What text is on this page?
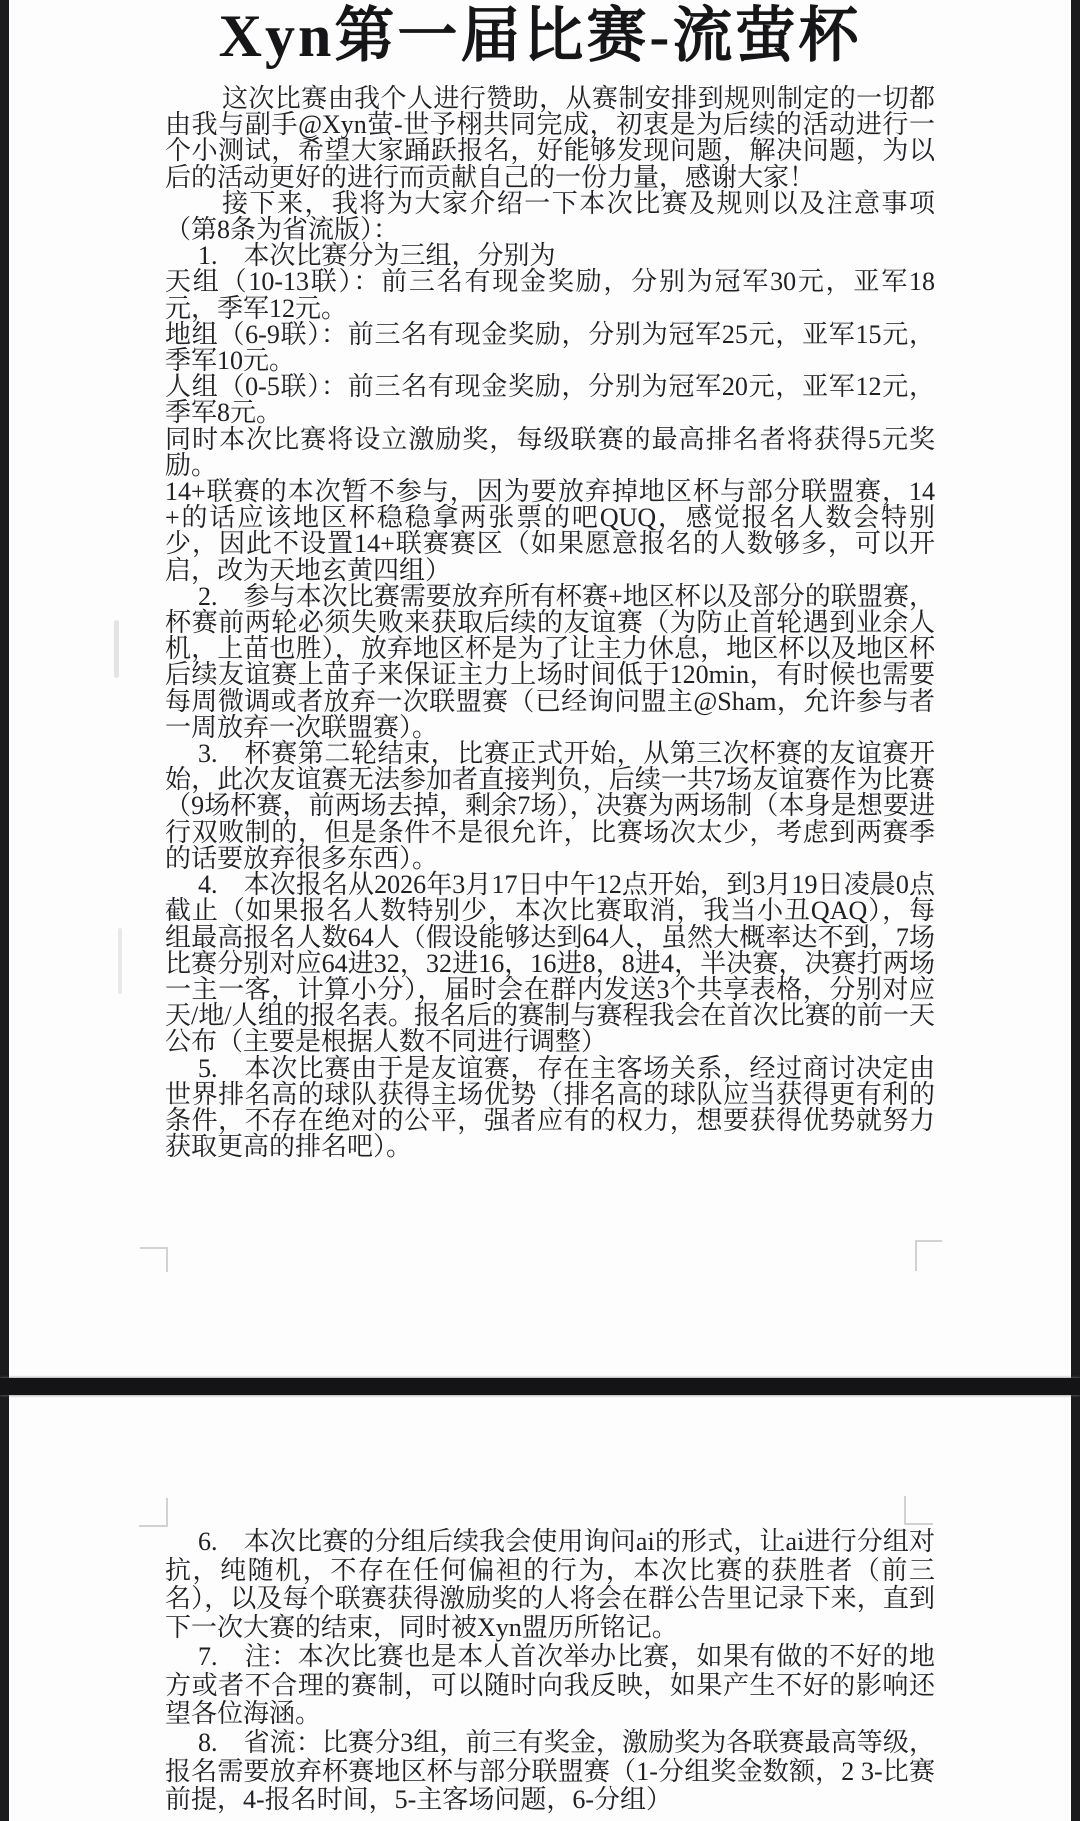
Xyn第一届比赛-流萤杯

这次比赛由我个人进行赞助，从赛制安排到规则制定的一切都由我与副手@Xyn萤-世予栩共同完成，初衷是为后续的活动进行一个小测试，希望大家踊跃报名，好能够发现问题，解决问题，为以后的活动更好的进行而贡献自己的一份力量，感谢大家！

接下来，我将为大家介绍一下本次比赛及规则以及注意事项（第8条为省流版）：

1.　本次比赛分为三组，分别为

天组（10-13联）：前三名有现金奖励，分别为冠军30元，亚军18元，季军12元。

地组（6-9联）：前三名有现金奖励，分别为冠军25元，亚军15元，季军10元。

人组（0-5联）：前三名有现金奖励，分别为冠军20元，亚军12元，季军8元。

同时本次比赛将设立激励奖，每级联赛的最高排名者将获得5元奖励。

14+联赛的本次暂不参与，因为要放弃掉地区杯与部分联盟赛，14+的话应该地区杯稳稳拿两张票的吧QUQ，感觉报名人数会特别少，因此不设置14+联赛赛区（如果愿意报名的人数够多，可以开启，改为天地玄黄四组）

2.　参与本次比赛需要放弃所有杯赛+地区杯以及部分的联盟赛，杯赛前两轮必须失败来获取后续的友谊赛（为防止首轮遇到业余人机，上苗也胜），放弃地区杯是为了让主力休息，地区杯以及地区杯后续友谊赛上苗子来保证主力上场时间低于120min，有时候也需要每周微调或者放弃一次联盟赛（已经询问盟主@Sham，允许参与者一周放弃一次联盟赛）。

3.　杯赛第二轮结束，比赛正式开始，从第三次杯赛的友谊赛开始，此次友谊赛无法参加者直接判负，后续一共7场友谊赛作为比赛（9场杯赛，前两场去掉，剩余7场），决赛为两场制（本身是想要进行双败制的，但是条件不是很允许，比赛场次太少，考虑到两赛季的话要放弃很多东西）。

4.　本次报名从2026年3月17日中午12点开始，到3月19日凌晨0点截止（如果报名人数特别少，本次比赛取消，我当小丑QAQ），每组最高报名人数64人（假设能够达到64人，虽然大概率达不到，7场比赛分别对应64进32，32进16，16进8，8进4，半决赛，决赛打两场一主一客，计算小分），届时会在群内发送3个共享表格，分别对应天/地/人组的报名表。报名后的赛制与赛程我会在首次比赛的前一天公布（主要是根据人数不同进行调整）

5.　本次比赛由于是友谊赛，存在主客场关系，经过商讨决定由世界排名高的球队获得主场优势（排名高的球队应当获得更有利的条件，不存在绝对的公平，强者应有的权力，想要获得优势就努力获取更高的排名吧）。

6.　本次比赛的分组后续我会使用询问ai的形式，让ai进行分组对抗，纯随机，不存在任何偏袒的行为，本次比赛的获胜者（前三名），以及每个联赛获得激励奖的人将会在群公告里记录下来，直到下一次大赛的结束，同时被Xyn盟历所铭记。

7.　注：本次比赛也是本人首次举办比赛，如果有做的不好的地方或者不合理的赛制，可以随时向我反映，如果产生不好的影响还望各位海涵。

8.　省流：比赛分3组，前三有奖金，激励奖为各联赛最高等级，报名需要放弃杯赛地区杯与部分联盟赛（1-分组奖金数额，2 3-比赛前提，4-报名时间，5-主客场问题，6-分组）
